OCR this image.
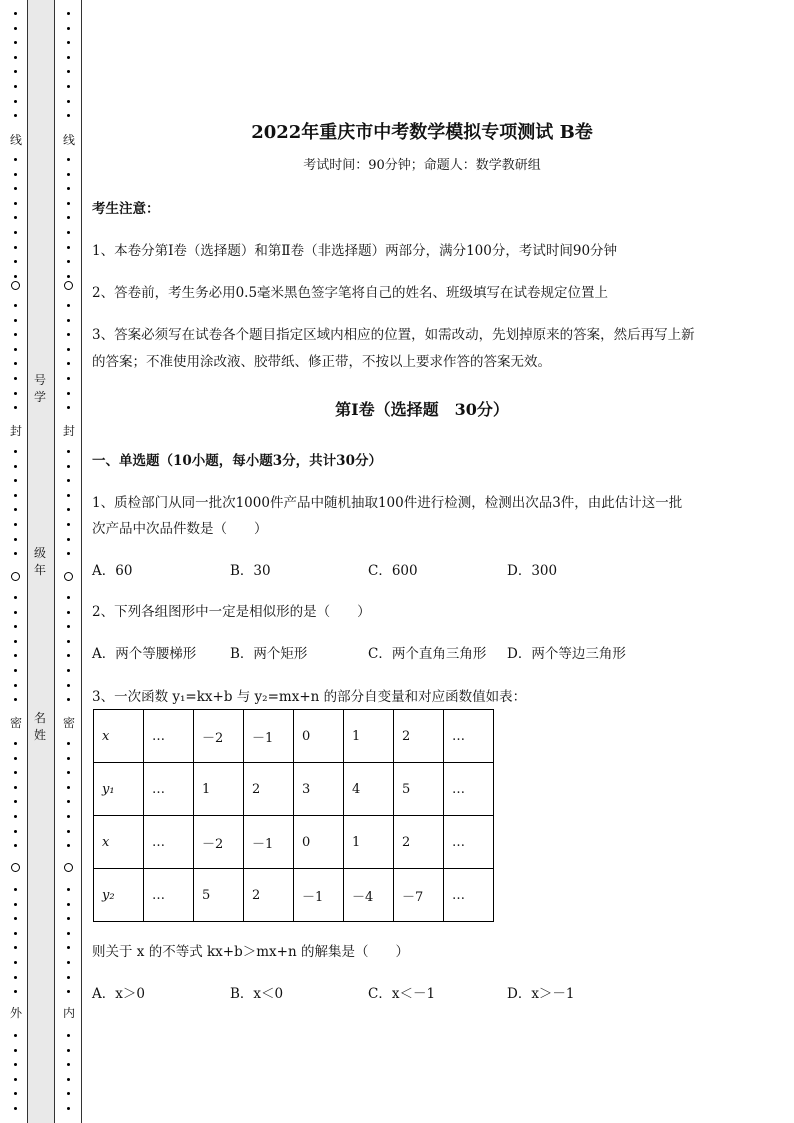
线
封
密
外
号
学
级
年
名
姓
线
封
密
内
2022年重庆市中考数学模拟专项测试 B卷
考试时间：90分钟；命题人：数学教研组
考生注意：
1、本卷分第I卷（选择题）和第Ⅱ卷（非选择题）两部分，满分100分，考试时间90分钟
2、答卷前，考生务必用0.5毫米黑色签字笔将自己的姓名、班级填写在试卷规定位置上
3、答案必须写在试卷各个题目指定区域内相应的位置，如需改动，先划掉原来的答案，然后再写上新
的答案；不准使用涂改液、胶带纸、修正带，不按以上要求作答的答案无效。
第I卷（选择题　30分）
一、单选题（10小题，每小题3分，共计30分）
1、质检部门从同一批次1000件产品中随机抽取100件进行检测，检测出次品3件，由此估计这一批
次产品中次品件数是（　　）
A．60	B．30	C．600	D．300
2、下列各组图形中一定是相似形的是（　　）
A．两个等腰梯形	B．两个矩形	C．两个直角三角形 D．两个等边三角形
3、一次函数 y₁=kx+b 与 y₂=mx+n 的部分自变量和对应函数值如表：
x	…	－2	－1	0	1	2	…
y₁	…	1	2	3	4	5	…
x	…	－2	－1	0	1	2	…
y₂	…	5	2	－1	－4	－7	…
则关于 x 的不等式 kx+b＞mx+n 的解集是（　　）
A．x＞0	B．x＜0	C．x＜－1	D．x＞－1
